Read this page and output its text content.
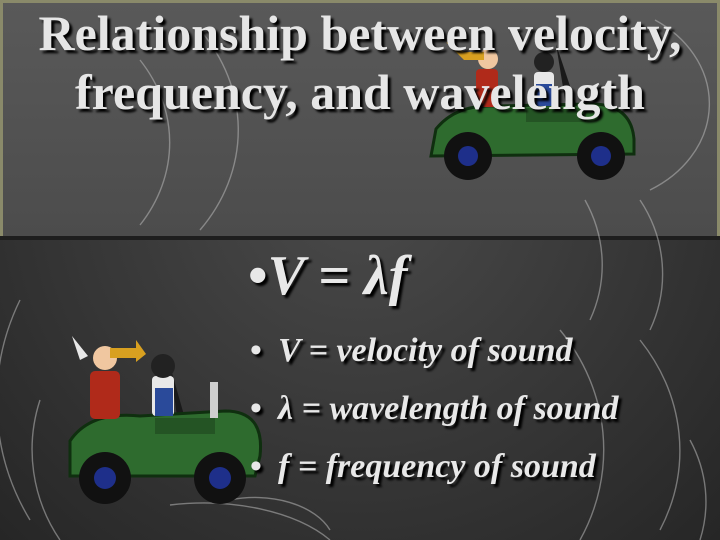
Relationship between velocity, frequency, and wavelength
•V = λf
• V = velocity of sound
• λ = wavelength of sound
• f = frequency of sound
